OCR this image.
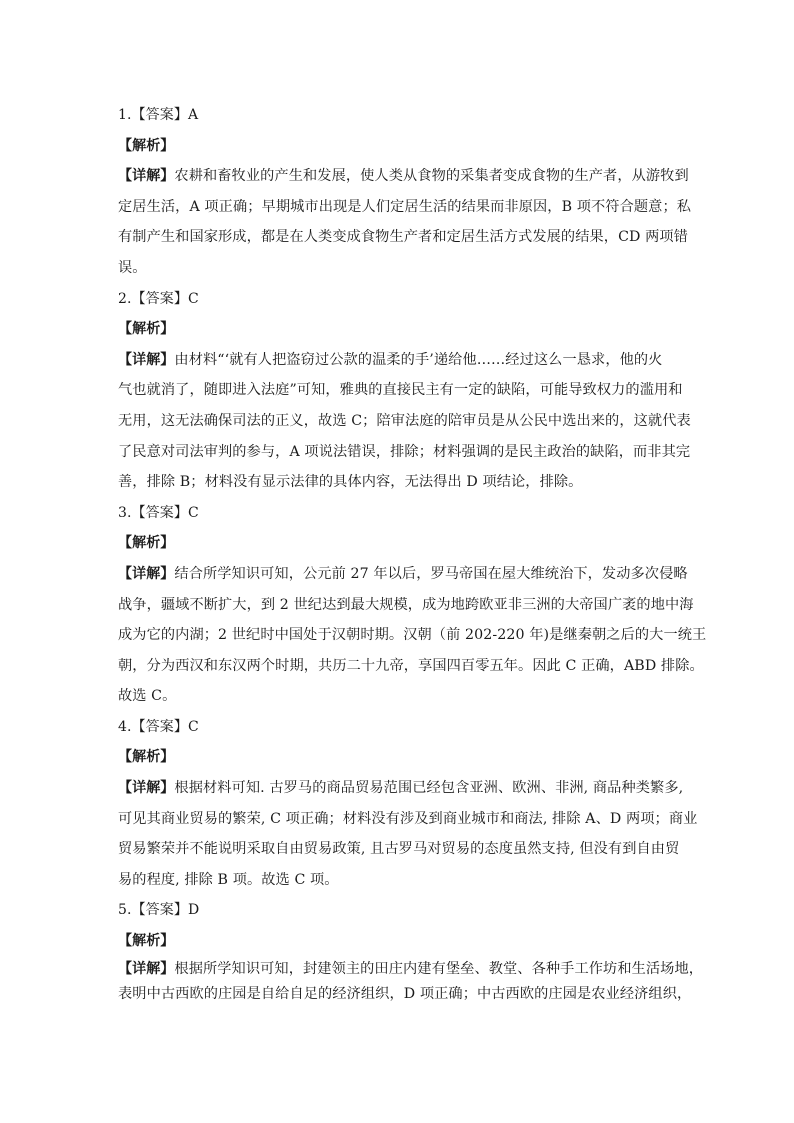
1.【答案】A
【解析】
【详解】农耕和畜牧业的产生和发展，使人类从食物的采集者变成食物的生产者，从游牧到
定居生活，A 项正确；早期城市出现是人们定居生活的结果而非原因，B 项不符合题意；私
有制产生和国家形成，都是在人类变成食物生产者和定居生活方式发展的结果，CD 两项错
误。
2.【答案】C
【解析】
【详解】由材料“‘就有人把盗窃过公款的温柔的手’递给他……经过这么一恳求，他的火
气也就消了，随即进入法庭”可知，雅典的直接民主有一定的缺陷，可能导致权力的滥用和
无用，这无法确保司法的正义，故选 C；陪审法庭的陪审员是从公民中选出来的，这就代表
了民意对司法审判的参与，A 项说法错误，排除；材料强调的是民主政治的缺陷，而非其完
善，排除 B；材料没有显示法律的具体内容，无法得出 D 项结论，排除。
3.【答案】C
【解析】
【详解】结合所学知识可知，公元前 27 年以后，罗马帝国在屋大维统治下，发动多次侵略
战争，疆域不断扩大，到 2 世纪达到最大规模，成为地跨欧亚非三洲的大帝国广袤的地中海
成为它的内湖；2 世纪时中国处于汉朝时期。汉朝（前 202-220 年)是继秦朝之后的大一统王
朝，分为西汉和东汉两个时期，共历二十九帝，享国四百零五年。因此 C 正确，ABD 排除。
故选 C。
4.【答案】C
【解析】
【详解】根据材料可知. 古罗马的商品贸易范围已经包含亚洲、欧洲、非洲, 商品种类繁多,
可见其商业贸易的繁荣, C 项正确；材料没有涉及到商业城市和商法, 排除 A、D 两项；商业
贸易繁荣并不能说明采取自由贸易政策, 且古罗马对贸易的态度虽然支持, 但没有到自由贸
易的程度, 排除 B 项。故选 C 项。
5.【答案】D
【解析】
【详解】根据所学知识可知，封建领主的田庄内建有堡垒、教堂、各种手工作坊和生活场地，
表明中古西欧的庄园是自给自足的经济组织，D 项正确；中古西欧的庄园是农业经济组织，
